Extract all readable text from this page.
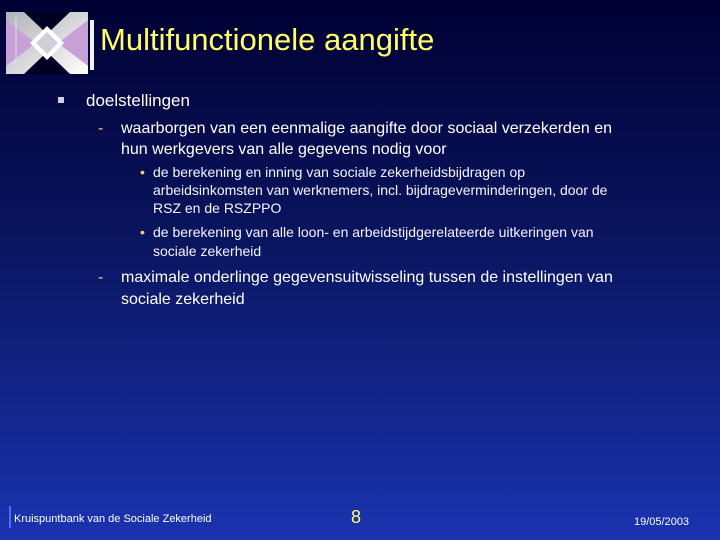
Multifunctionele aangifte
doelstellingen
- waarborgen van een eenmalige aangifte door sociaal verzekerden en
hun werkgevers van alle gegevens nodig voor
• de berekening en inning van sociale zekerheidsbijdragen op
arbeidsinkomsten van werknemers, incl. bijdrageverminderingen, door de
RSZ en de RSZPPO
• de berekening van alle loon- en arbeidstijdgerelateerde uitkeringen van
sociale zekerheid
- maximale onderlinge gegevensuitwisseling tussen de instellingen van
sociale zekerheid
Kruispuntbank van de Sociale Zekerheid	8	19/05/2003
